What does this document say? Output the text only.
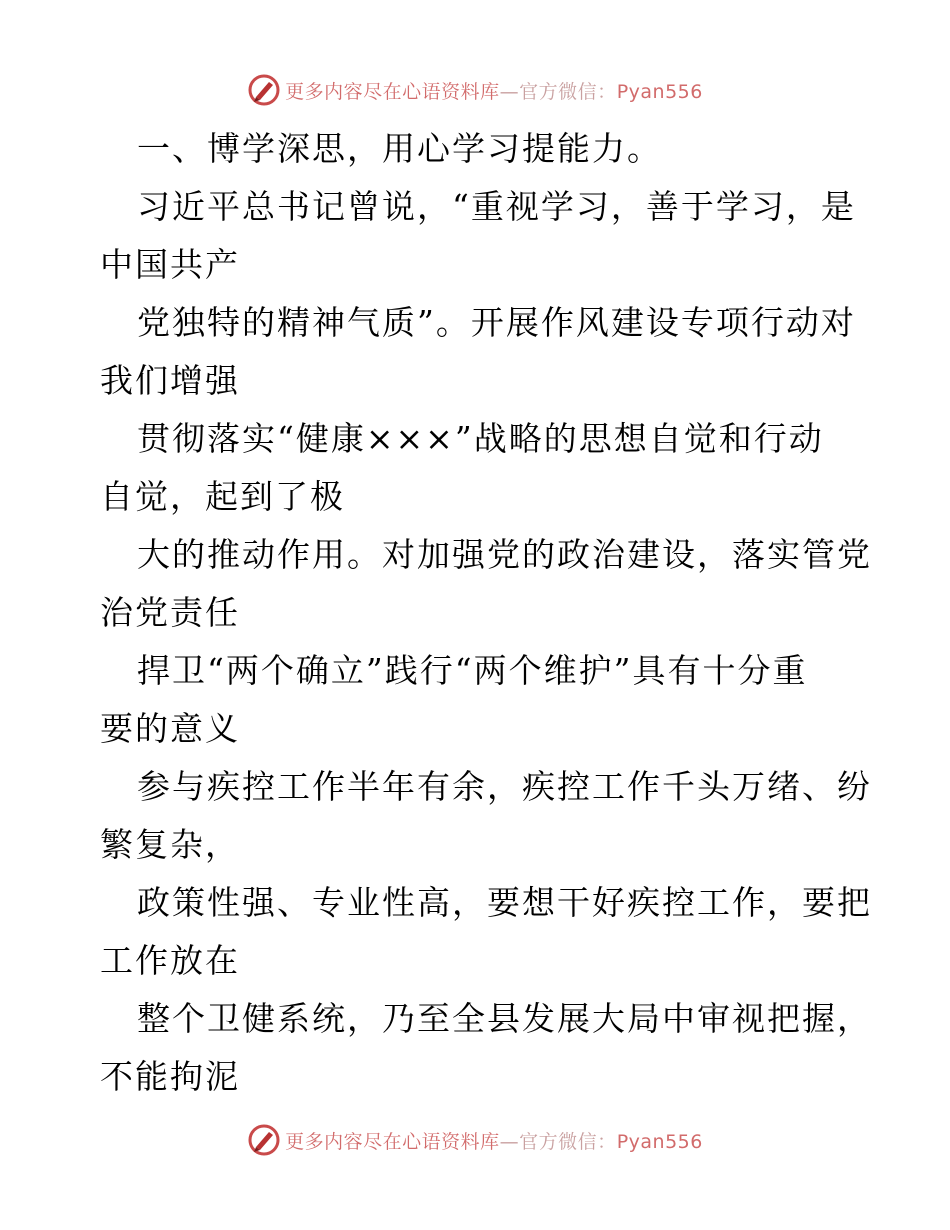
更多内容尽在心语资料库—官方微信：Pyan556
一、博学深思，用心学习提能力。
习近平总书记曾说，“重视学习，善于学习，是
中国共产
党独特的精神气质”。开展作风建设专项行动对
我们增强
贯彻落实“健康×××”战略的思想自觉和行动
自觉，起到了极
大的推动作用。对加强党的政治建设，落实管党
治党责任
捍卫“两个确立”践行“两个维护”具有十分重
要的意义
参与疾控工作半年有余，疾控工作千头万绪、纷
繁复杂，
政策性强、专业性高，要想干好疾控工作，要把
工作放在
整个卫健系统，乃至全县发展大局中审视把握，
不能拘泥
更多内容尽在心语资料库—官方微信：Pyan556
